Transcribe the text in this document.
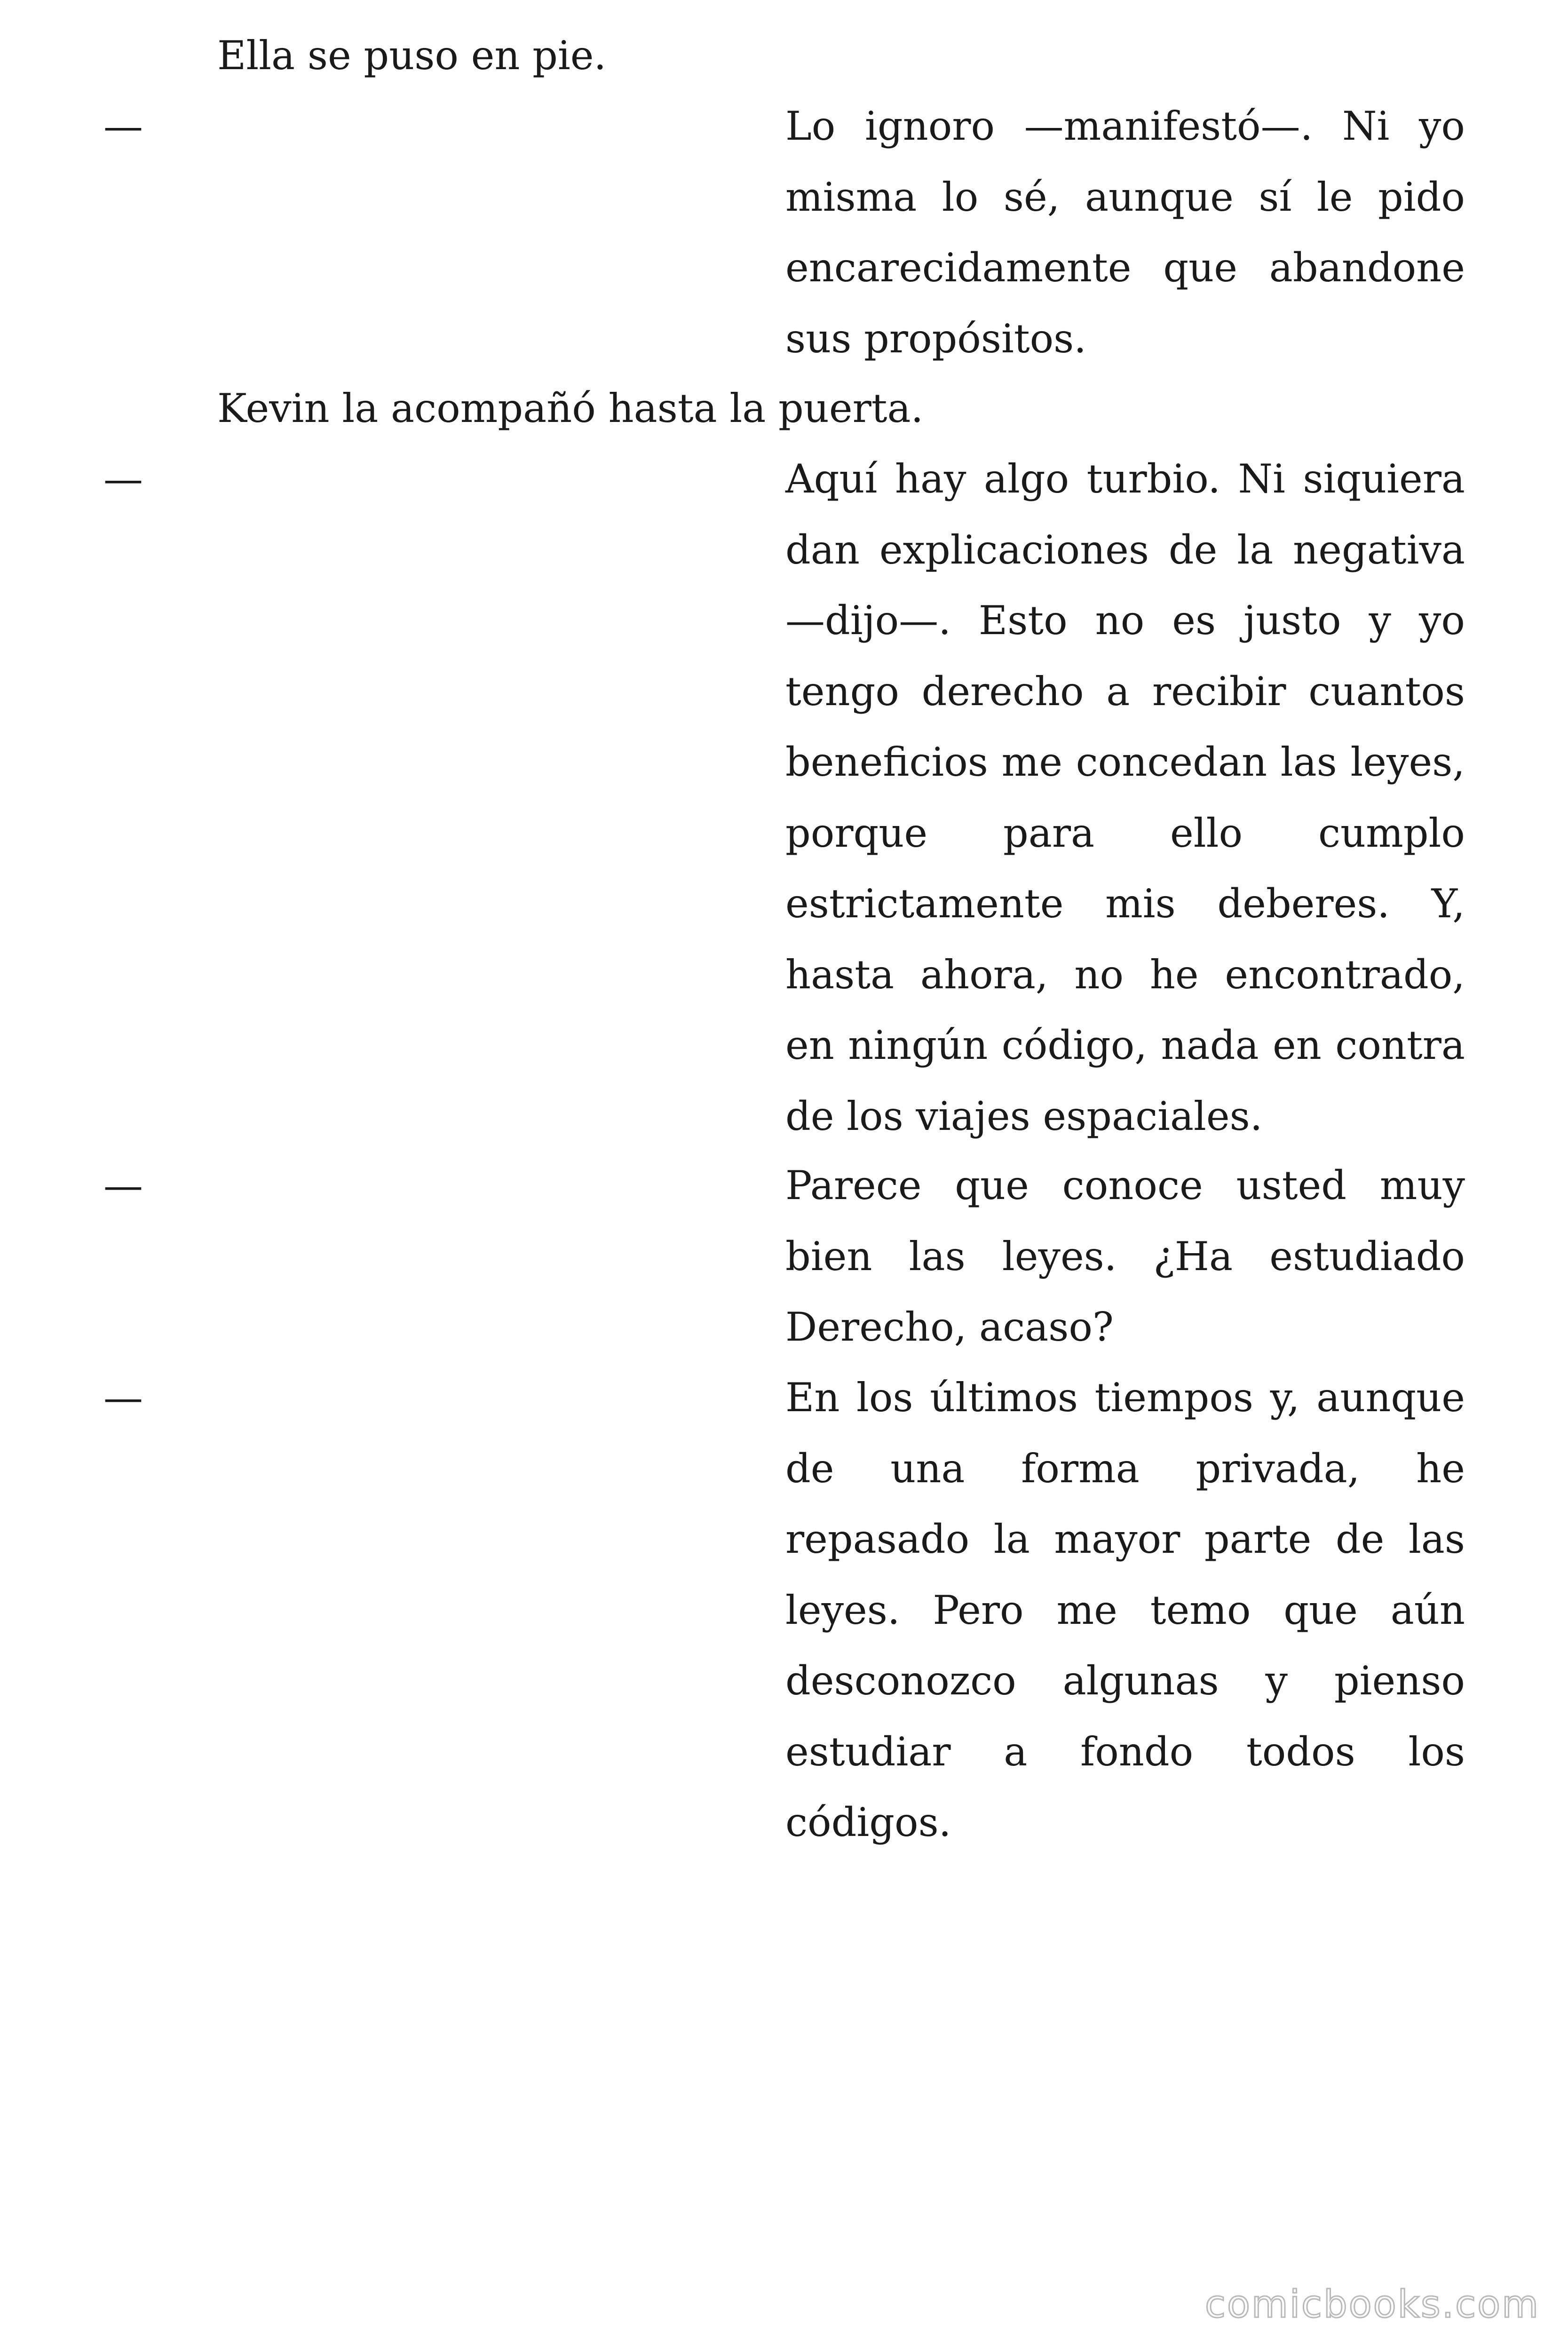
Ella se puso en pie.
—	Lo ignoro —manifestó—. Ni yo misma lo sé, aunque sí le pido encarecidamente que abandone sus propósitos.
Kevin la acompañó hasta la puerta.
—	Aquí hay algo turbio. Ni siquiera dan explicaciones de la negativa —dijo—. Esto no es justo y yo tengo derecho a recibir cuantos beneficios me concedan las leyes, porque para ello cumplo estrictamente mis deberes. Y, hasta ahora, no he encontrado, en ningún código, nada en contra de los viajes espaciales.
—	Parece que conoce usted muy bien las leyes. ¿Ha estudiado Derecho, acaso?
—	En los últimos tiempos y, aunque de una forma privada, he repasado la mayor parte de las leyes. Pero me temo que aún desconozco algunas y pienso estudiar a fondo todos los códigos.
comicbooks.com
